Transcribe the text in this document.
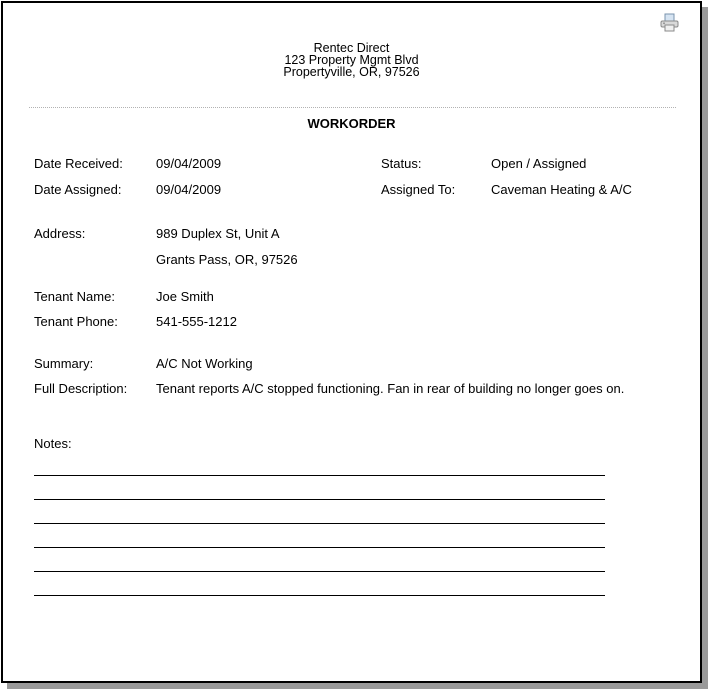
Rentec Direct
123 Property Mgmt Blvd
Propertyville, OR, 97526
WORKORDER
Date Received:	09/04/2009	Status:	Open / Assigned
Date Assigned:	09/04/2009	Assigned To:	Caveman Heating & A/C
Address:	989 Duplex St, Unit A
Grants Pass, OR, 97526
Tenant Name:	Joe Smith
Tenant Phone:	541-555-1212
Summary:	A/C Not Working
Full Description:	Tenant reports A/C stopped functioning. Fan in rear of building no longer goes on.
Notes:
